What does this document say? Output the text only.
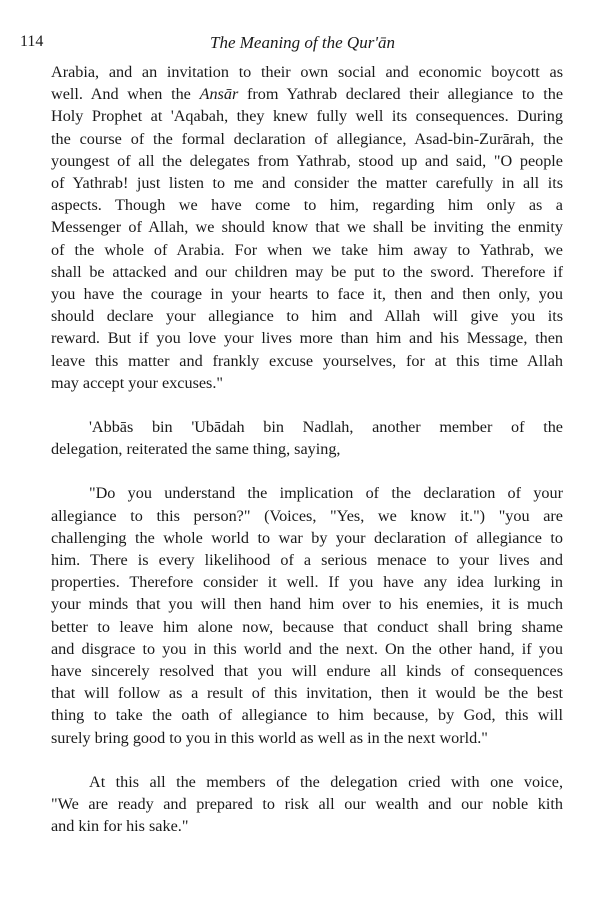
114	The Meaning of the Qur'ān
Arabia, and an invitation to their own social and economic boycott as
well. And when the Ansār from Yathrab declared their allegiance to the
Holy Prophet at 'Aqabah, they knew fully well its consequences. During
the course of the formal declaration of allegiance, Asad-bin-Zurārah, the
youngest of all the delegates from Yathrab, stood up and said, "O people
of Yathrab! just listen to me and consider the matter carefully in all its
aspects. Though we have come to him, regarding him only as a
Messenger of Allah, we should know that we shall be inviting the enmity
of the whole of Arabia. For when we take him away to Yathrab, we
shall be attacked and our children may be put to the sword. Therefore if
you have the courage in your hearts to face it, then and then only, you
should declare your allegiance to him and Allah will give you its
reward. But if you love your lives more than him and his Message, then
leave this matter and frankly excuse yourselves, for at this time Allah
may accept your excuses."
'Abbās bin 'Ubādah bin Nadlah, another member of the
delegation, reiterated the same thing, saying,
"Do you understand the implication of the declaration of your
allegiance to this person?" (Voices, "Yes, we know it.") "you are
challenging the whole world to war by your declaration of allegiance to
him. There is every likelihood of a serious menace to your lives and
properties. Therefore consider it well. If you have any idea lurking in
your minds that you will then hand him over to his enemies, it is much
better to leave him alone now, because that conduct shall bring shame
and disgrace to you in this world and the next. On the other hand, if you
have sincerely resolved that you will endure all kinds of consequences
that will follow as a result of this invitation, then it would be the best
thing to take the oath of allegiance to him because, by God, this will
surely bring good to you in this world as well as in the next world."
At this all the members of the delegation cried with one voice,
"We are ready and prepared to risk all our wealth and our noble kith
and kin for his sake."
